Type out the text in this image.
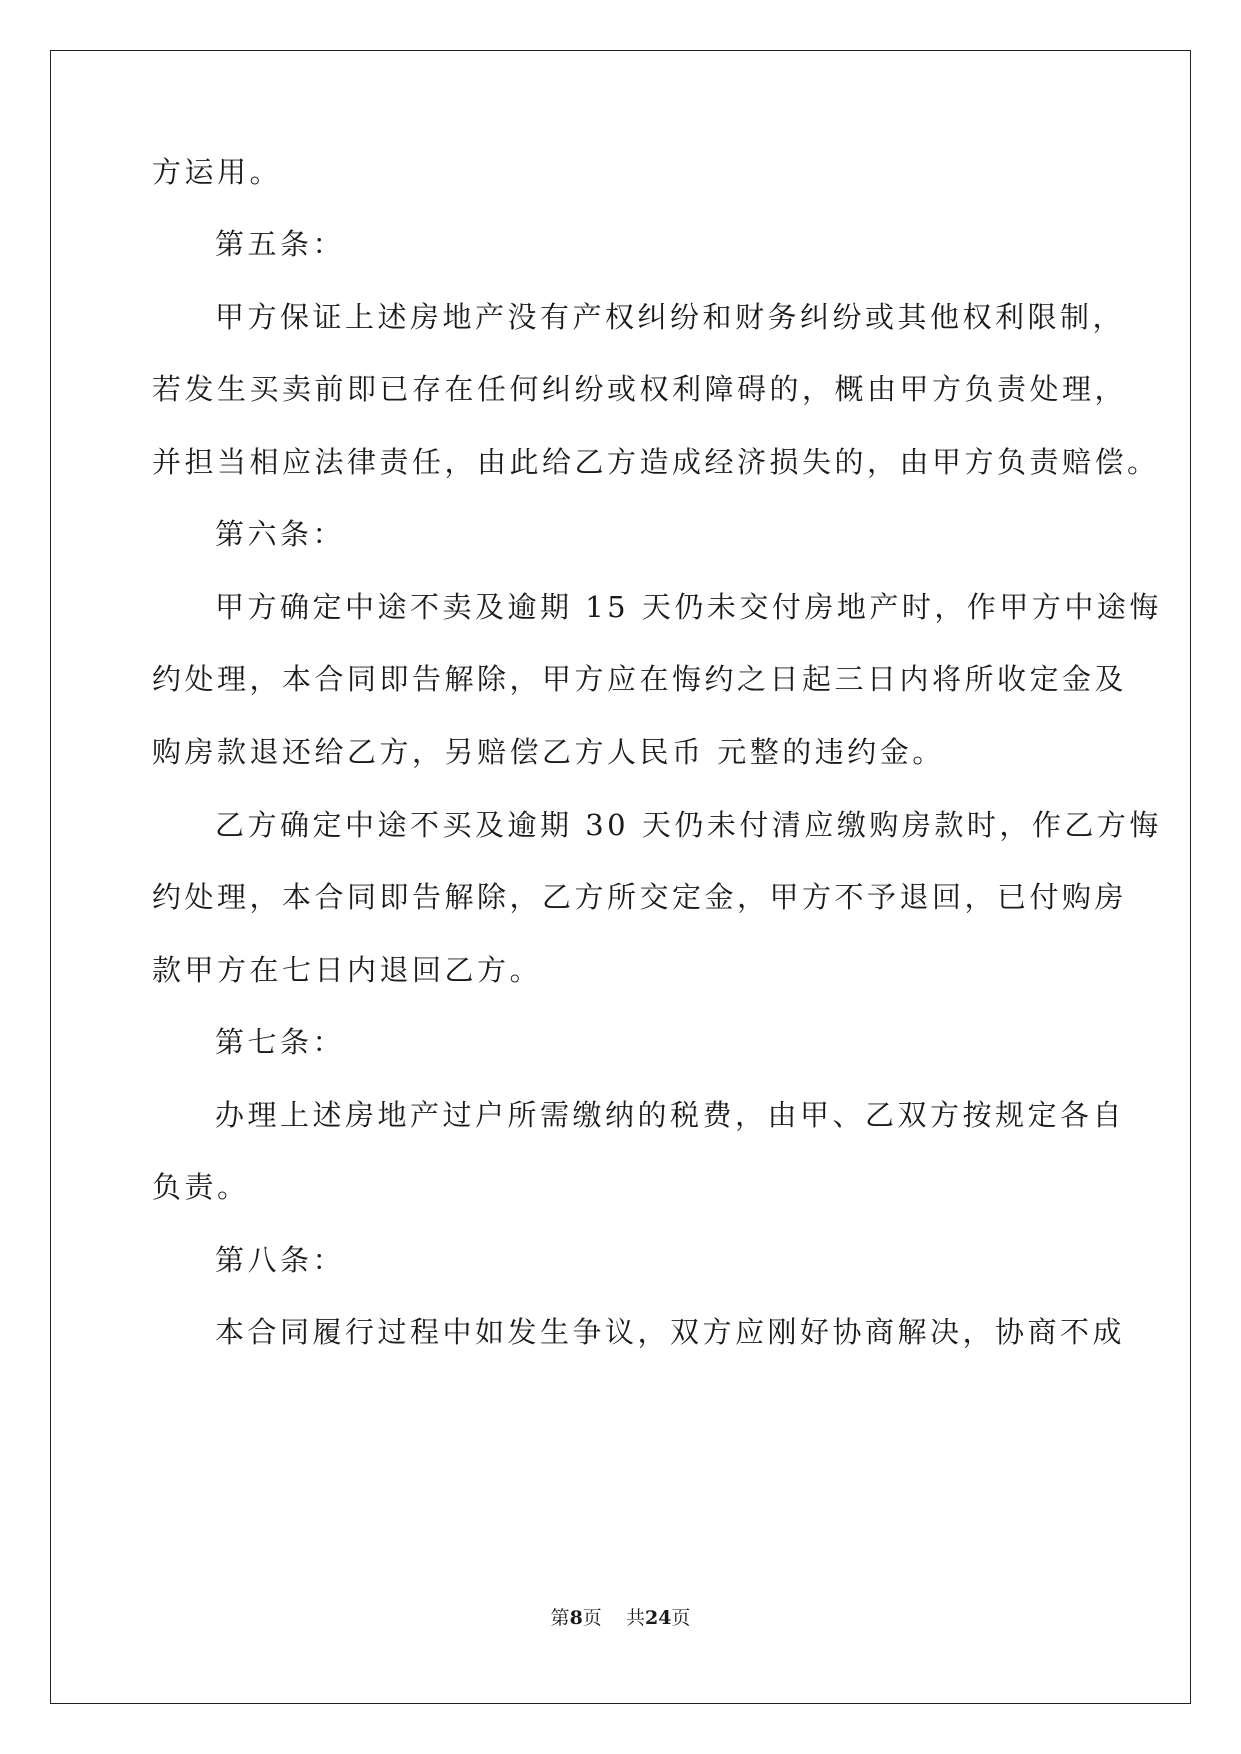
方运用。
第五条：
甲方保证上述房地产没有产权纠纷和财务纠纷或其他权利限制，
若发生买卖前即已存在任何纠纷或权利障碍的，概由甲方负责处理，
并担当相应法律责任，由此给乙方造成经济损失的，由甲方负责赔偿。
第六条：
甲方确定中途不卖及逾期 15 天仍未交付房地产时，作甲方中途悔
约处理，本合同即告解除，甲方应在悔约之日起三日内将所收定金及
购房款退还给乙方，另赔偿乙方人民币 元整的违约金。
乙方确定中途不买及逾期 30 天仍未付清应缴购房款时，作乙方悔
约处理，本合同即告解除，乙方所交定金，甲方不予退回，已付购房
款甲方在七日内退回乙方。
第七条：
办理上述房地产过户所需缴纳的税费，由甲、乙双方按规定各自
负责。
第八条：
本合同履行过程中如发生争议，双方应刚好协商解决，协商不成
第8页    共24页
